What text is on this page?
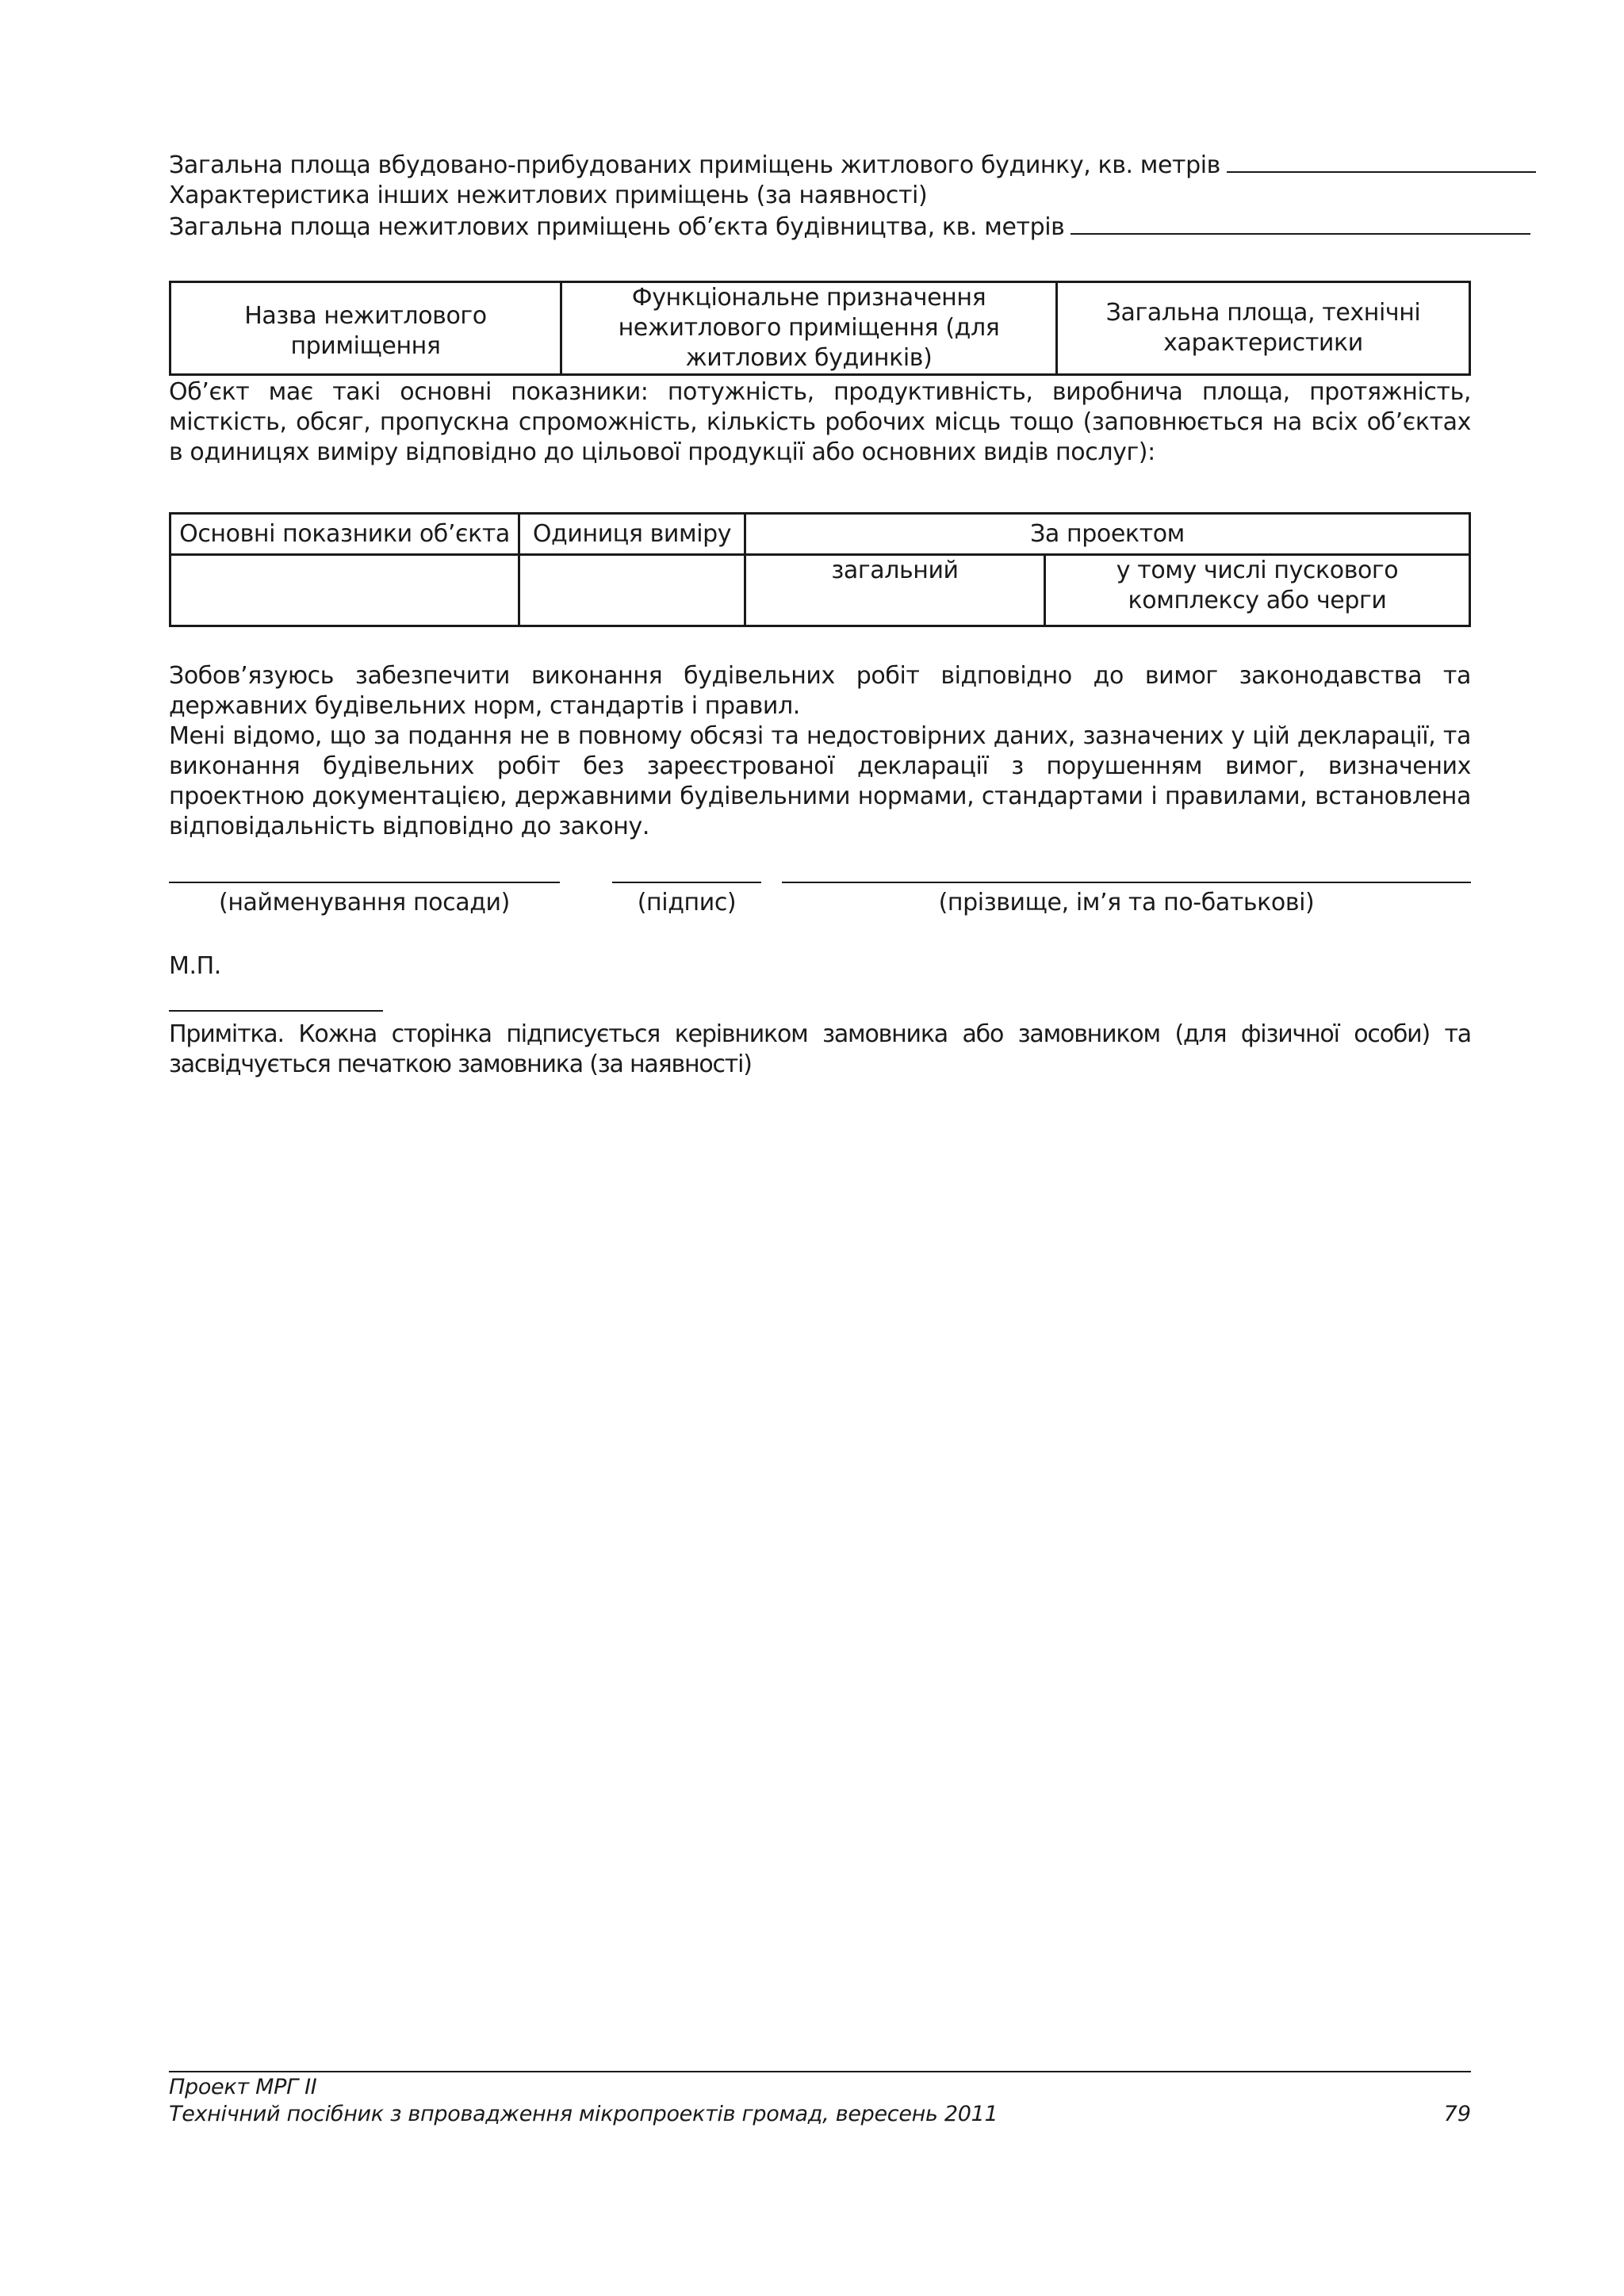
Загальна площа вбудовано-прибудованих приміщень житлового будинку, кв. метрів
Характеристика інших нежитлових приміщень (за наявності)
Загальна площа нежитлових приміщень об’єкта будівництва, кв. метрів
Назва нежитлового приміщення	Функціональне призначення нежитлового приміщення (для житлових будинків)	Загальна площа, технічні характеристики

Об’єкт має такі основні показники: потужність, продуктивність, виробнича площа, протяжність, місткість, обсяг, пропускна спроможність, кількість робочих місць тощо (заповнюється на всіх об’єктах в одиницях виміру відповідно до цільової продукції або основних видів послуг):

Основні показники об’єкта	Одиниця виміру	За проектом	
		загальний	у тому числі пускового комплексу або черги

Зобов’язуюсь забезпечити виконання будівельних робіт відповідно до вимог законодавства та державних будівельних норм, стандартів і правил.

Мені відомо, що за подання не в повному обсязі та недостовірних даних, зазначених у цій декларації, та виконання будівельних робіт без зареєстрованої декларації з порушенням вимог, визначених проектною документацією, державними будівельними нормами, стандартами і правилами, встановлена відповідальність відповідно до закону.

(найменування посади)	(підпис)	(прізвище, ім’я та по-батькові)
М.П.

Примітка. Кожна сторінка підписується керівником замовника або замовником (для фізичної особи) та засвідчується печаткою замовника (за наявності)

Проект МРГ ІІ
Технічний посібник з впровадження мікропроектів громад, вересень 2011	79
